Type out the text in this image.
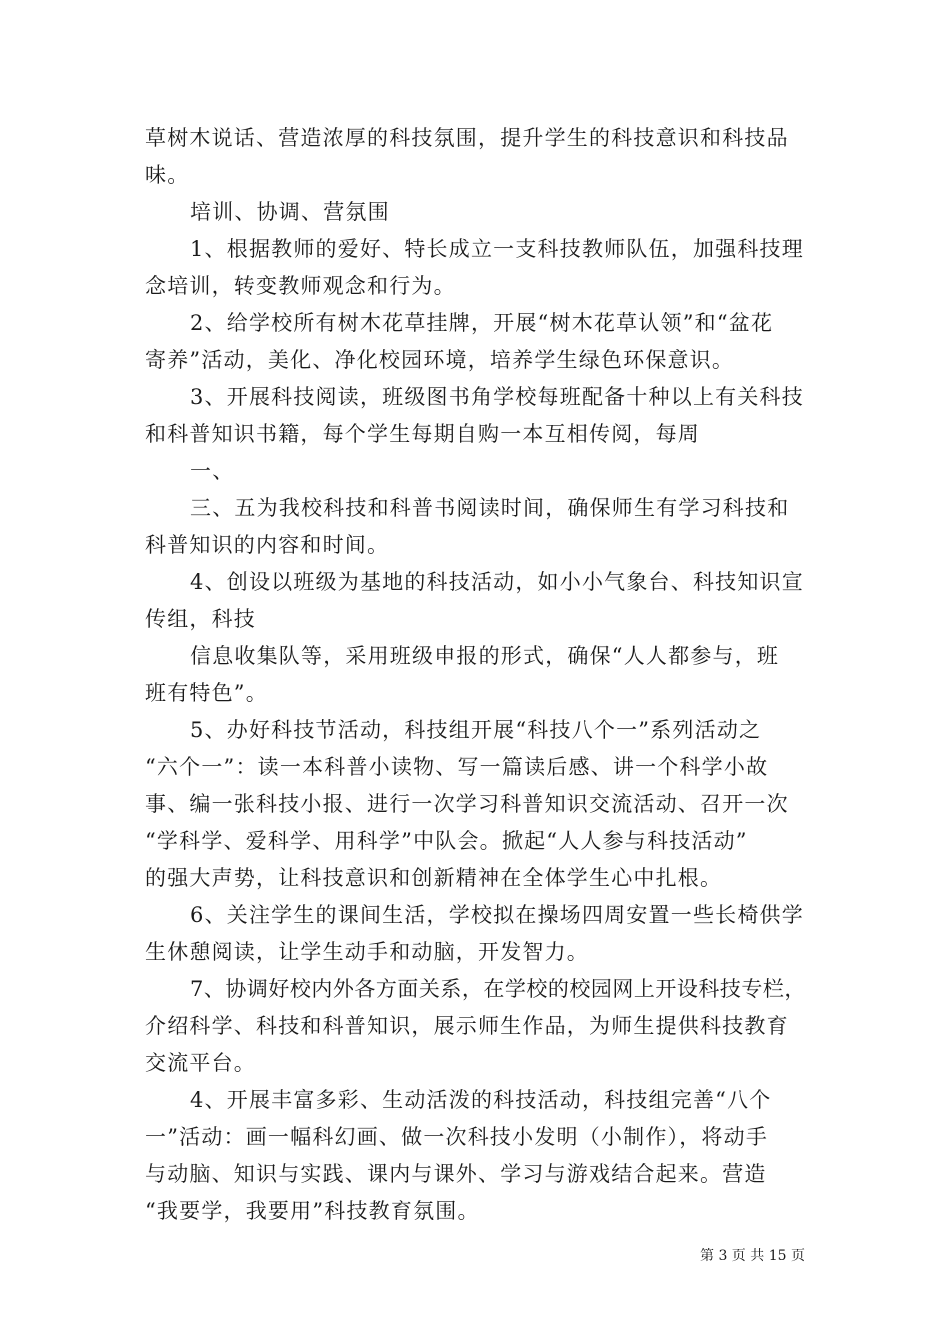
草树木说话、营造浓厚的科技氛围，提升学生的科技意识和科技品
味。
培训、协调、营氛围
1、根据教师的爱好、特长成立一支科技教师队伍，加强科技理
念培训，转变教师观念和行为。
2、给学校所有树木花草挂牌，开展“树木花草认领”和“盆花
寄养”活动，美化、净化校园环境，培养学生绿色环保意识。
3、开展科技阅读，班级图书角学校每班配备十种以上有关科技
和科普知识书籍，每个学生每期自购一本互相传阅，每周
一、
三、五为我校科技和科普书阅读时间，确保师生有学习科技和
科普知识的内容和时间。
4、创设以班级为基地的科技活动，如小小气象台、科技知识宣
传组，科技
信息收集队等，采用班级申报的形式，确保“人人都参与，班
班有特色”。
5、办好科技节活动，科技组开展“科技八个一”系列活动之
“六个一”：读一本科普小读物、写一篇读后感、讲一个科学小故
事、编一张科技小报、进行一次学习科普知识交流活动、召开一次
“学科学、爱科学、用科学”中队会。掀起“人人参与科技活动”
的强大声势，让科技意识和创新精神在全体学生心中扎根。
6、关注学生的课间生活，学校拟在操场四周安置一些长椅供学
生休憩阅读，让学生动手和动脑，开发智力。
7、协调好校内外各方面关系，在学校的校园网上开设科技专栏，
介绍科学、科技和科普知识，展示师生作品，为师生提供科技教育
交流平台。
4、开展丰富多彩、生动活泼的科技活动，科技组完善“八个
一”活动：画一幅科幻画、做一次科技小发明（小制作），将动手
与动脑、知识与实践、课内与课外、学习与游戏结合起来。营造
“我要学，我要用”科技教育氛围。
第 3 页 共 15 页
